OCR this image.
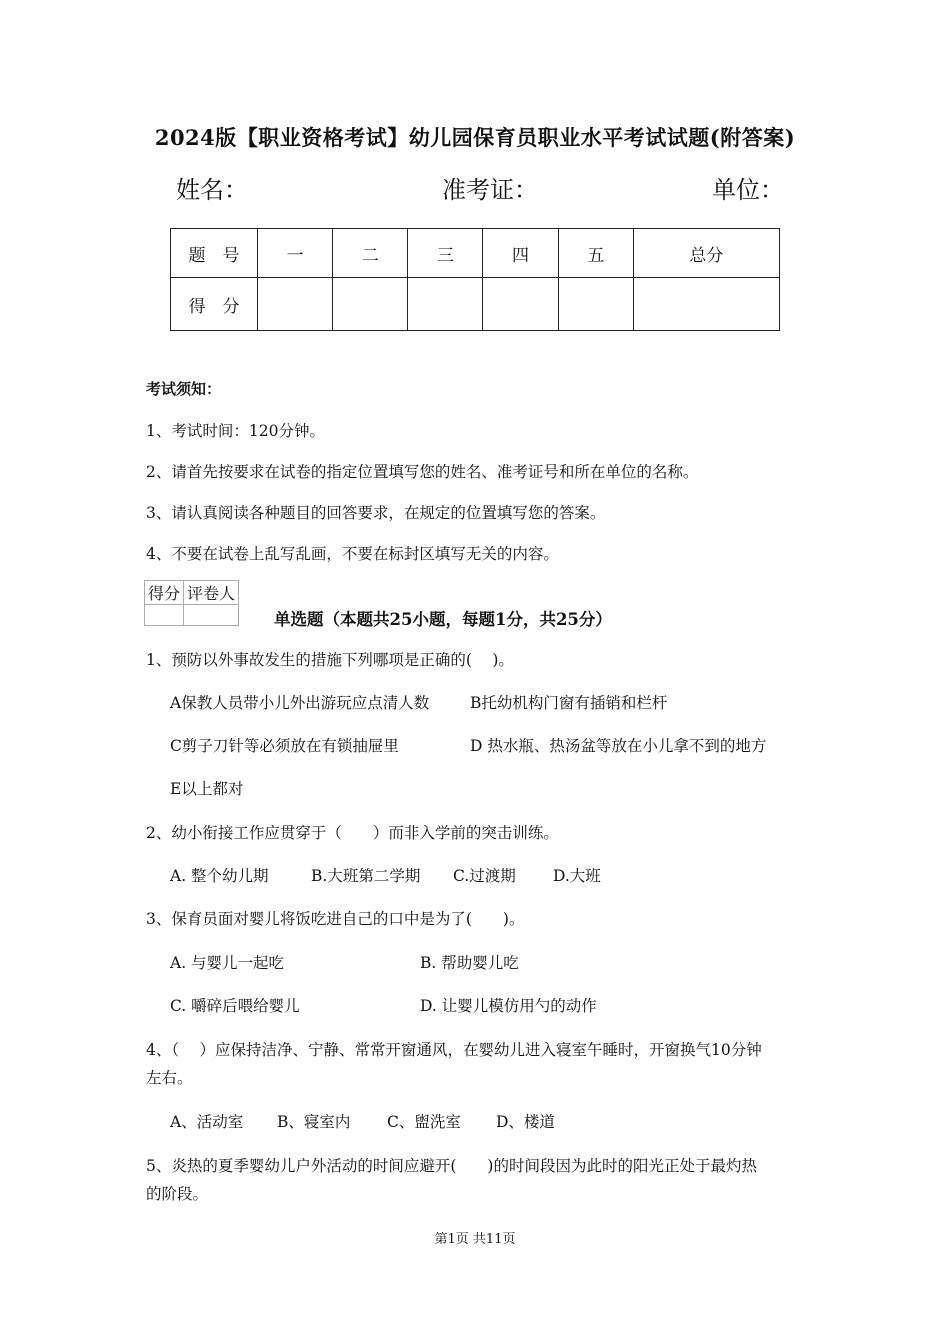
2024版【职业资格考试】幼儿园保育员职业水平考试试题(附答案)
姓名：	准考证：	单位：
题　号	一	二	三	四	五	总分
得　分						
考试须知：
1、考试时间：120分钟。
2、请首先按要求在试卷的指定位置填写您的姓名、准考证号和所在单位的名称。
3、请认真阅读各种题目的回答要求，在规定的位置填写您的答案。
4、不要在试卷上乱写乱画，不要在标封区填写无关的内容。
得分	评卷人

单选题（本题共25小题，每题1分，共25分）
1、预防以外事故发生的措施下列哪项是正确的(　 )。
A保教人员带小儿外出游玩应点清人数	B托幼机构门窗有插销和栏杆
C剪子刀针等必须放在有锁抽屉里	D 热水瓶、热汤盆等放在小儿拿不到的地方
E以上都对
2、幼小衔接工作应贯穿于（　　）而非入学前的突击训练。
A. 整个幼儿期	B.大班第二学期 C.过渡期 D.大班
3、保育员面对婴儿将饭吃进自己的口中是为了(　　)。
A. 与婴儿一起吃	B. 帮助婴儿吃
C. 嚼碎后喂给婴儿	D. 让婴儿模仿用勺的动作
4、（　 ）应保持洁净、宁静、常常开窗通风，在婴幼儿进入寝室午睡时，开窗换气10分钟
左右。
A、活动室 B、寝室内 C、盥洗室 D、楼道
5、炎热的夏季婴幼儿户外活动的时间应避开(　　)的时间段因为此时的阳光正处于最灼热
的阶段。
第1页 共11页
